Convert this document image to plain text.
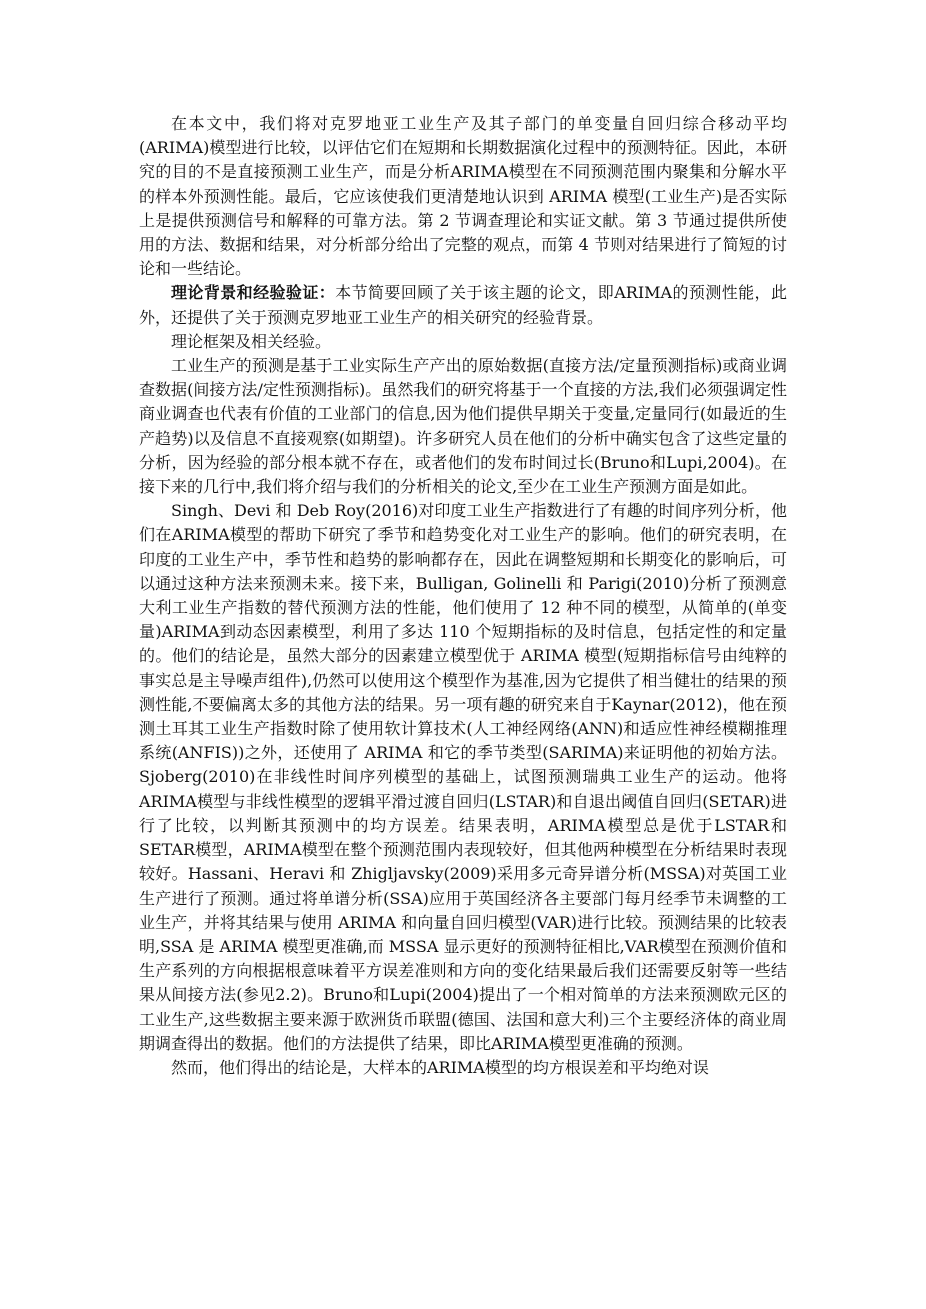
在本文中，我们将对克罗地亚工业生产及其子部门的单变量自回归综合移动平均(ARIMA)模型进行比较，以评估它们在短期和长期数据演化过程中的预测特征。因此，本研究的目的不是直接预测工业生产，而是分析ARIMA模型在不同预测范围内聚集和分解水平的样本外预测性能。最后，它应该使我们更清楚地认识到 ARIMA 模型(工业生产)是否实际上是提供预测信号和解释的可靠方法。第 2 节调查理论和实证文献。第 3 节通过提供所使用的方法、数据和结果，对分析部分给出了完整的观点，而第 4 节则对结果进行了简短的讨论和一些结论。

理论背景和经验验证：本节简要回顾了关于该主题的论文，即ARIMA的预测性能，此外，还提供了关于预测克罗地亚工业生产的相关研究的经验背景。

理论框架及相关经验。

工业生产的预测是基于工业实际生产产出的原始数据(直接方法/定量预测指标)或商业调查数据(间接方法/定性预测指标)。虽然我们的研究将基于一个直接的方法,我们必须强调定性商业调查也代表有价值的工业部门的信息,因为他们提供早期关于变量,定量同行(如最近的生产趋势)以及信息不直接观察(如期望)。许多研究人员在他们的分析中确实包含了这些定量的分析，因为经验的部分根本就不存在，或者他们的发布时间过长(Bruno和Lupi,2004)。在接下来的几行中,我们将介绍与我们的分析相关的论文,至少在工业生产预测方面是如此。

Singh、Devi 和 Deb Roy(2016)对印度工业生产指数进行了有趣的时间序列分析，他们在ARIMA模型的帮助下研究了季节和趋势变化对工业生产的影响。他们的研究表明，在印度的工业生产中，季节性和趋势的影响都存在，因此在调整短期和长期变化的影响后，可以通过这种方法来预测未来。接下来，Bulligan, Golinelli 和 Parigi(2010)分析了预测意大利工业生产指数的替代预测方法的性能，他们使用了 12 种不同的模型，从简单的(单变量)ARIMA到动态因素模型，利用了多达 110 个短期指标的及时信息，包括定性的和定量的。他们的结论是，虽然大部分的因素建立模型优于 ARIMA 模型(短期指标信号由纯粹的事实总是主导噪声组件),仍然可以使用这个模型作为基准,因为它提供了相当健壮的结果的预测性能,不要偏离太多的其他方法的结果。另一项有趣的研究来自于Kaynar(2012)，他在预测土耳其工业生产指数时除了使用软计算技术(人工神经网络(ANN)和适应性神经模糊推理系统(ANFIS))之外，还使用了 ARIMA 和它的季节类型(SARIMA)来证明他的初始方法。Sjoberg(2010)在非线性时间序列模型的基础上，试图预测瑞典工业生产的运动。他将ARIMA模型与非线性模型的逻辑平滑过渡自回归(LSTAR)和自退出阈值自回归(SETAR)进行了比较，以判断其预测中的均方误差。结果表明，ARIMA模型总是优于LSTAR和SETAR模型，ARIMA模型在整个预测范围内表现较好，但其他两种模型在分析结果时表现较好。Hassani、Heravi 和 Zhigljavsky(2009)采用多元奇异谱分析(MSSA)对英国工业生产进行了预测。通过将单谱分析(SSA)应用于英国经济各主要部门每月经季节未调整的工业生产，并将其结果与使用 ARIMA 和向量自回归模型(VAR)进行比较。预测结果的比较表明,SSA 是 ARIMA 模型更准确,而 MSSA 显示更好的预测特征相比,VAR模型在预测价值和生产系列的方向根据根意味着平方误差准则和方向的变化结果最后我们还需要反射等一些结果从间接方法(参见2.2)。Bruno和Lupi(2004)提出了一个相对简单的方法来预测欧元区的工业生产,这些数据主要来源于欧洲货币联盟(德国、法国和意大利)三个主要经济体的商业周期调查得出的数据。他们的方法提供了结果，即比ARIMA模型更准确的预测。

然而，他们得出的结论是，大样本的ARIMA模型的均方根误差和平均绝对误
